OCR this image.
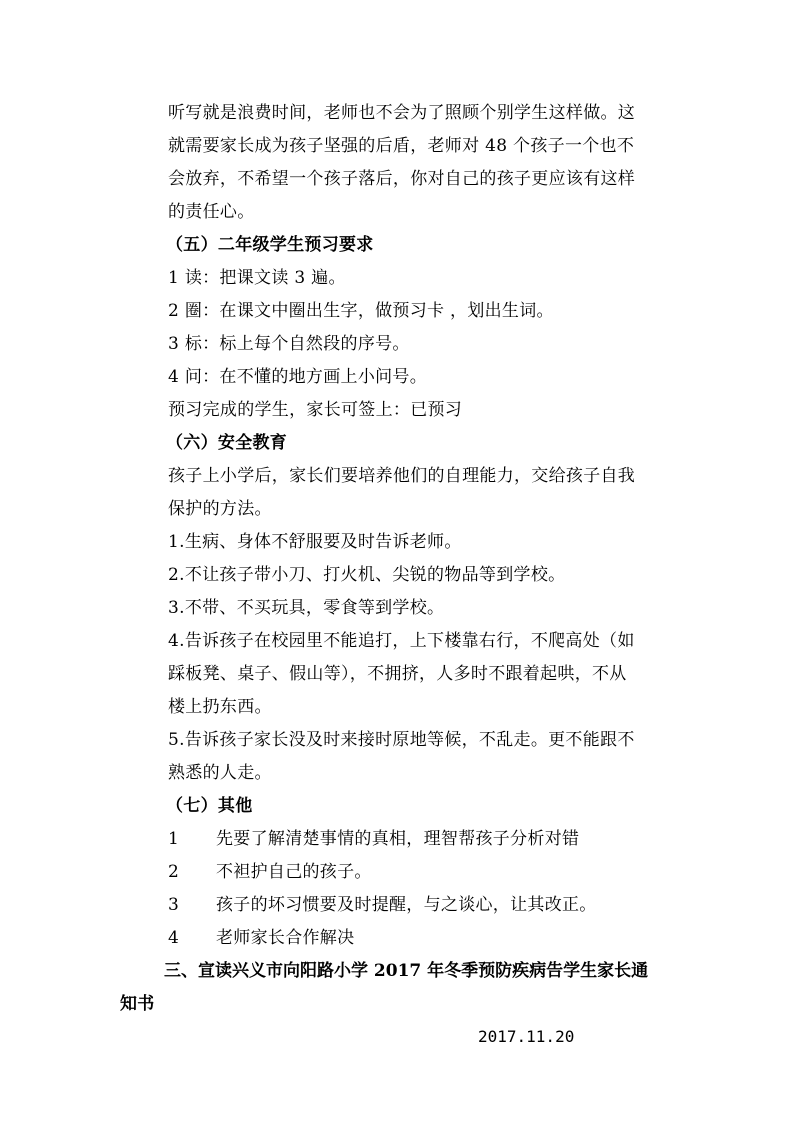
听写就是浪费时间，老师也不会为了照顾个别学生这样做。这
就需要家长成为孩子坚强的后盾，老师对 48 个孩子一个也不
会放弃，不希望一个孩子落后，你对自己的孩子更应该有这样
的责任心。
（五）二年级学生预习要求
1 读：把课文读 3 遍。
2 圈：在课文中圈出生字，做预习卡 ，划出生词。
3 标：标上每个自然段的序号。
4 问：在不懂的地方画上小问号。
预习完成的学生，家长可签上：已预习
（六）安全教育
孩子上小学后，家长们要培养他们的自理能力，交给孩子自我
保护的方法。
1.生病、身体不舒服要及时告诉老师。
2.不让孩子带小刀、打火机、尖锐的物品等到学校。
3.不带、不买玩具，零食等到学校。
4.告诉孩子在校园里不能追打，上下楼靠右行，不爬高处（如
踩板凳、桌子、假山等），不拥挤，人多时不跟着起哄，不从
楼上扔东西。
5.告诉孩子家长没及时来接时原地等候，不乱走。更不能跟不
熟悉的人走。
（七）其他
1 先要了解清楚事情的真相，理智帮孩子分析对错
2 不袒护自己的孩子。
3 孩子的坏习惯要及时提醒，与之谈心，让其改正。
4 老师家长合作解决
三、宣读兴义市向阳路小学 2017 年冬季预防疾病告学生家长通
知书
2017.11.20
